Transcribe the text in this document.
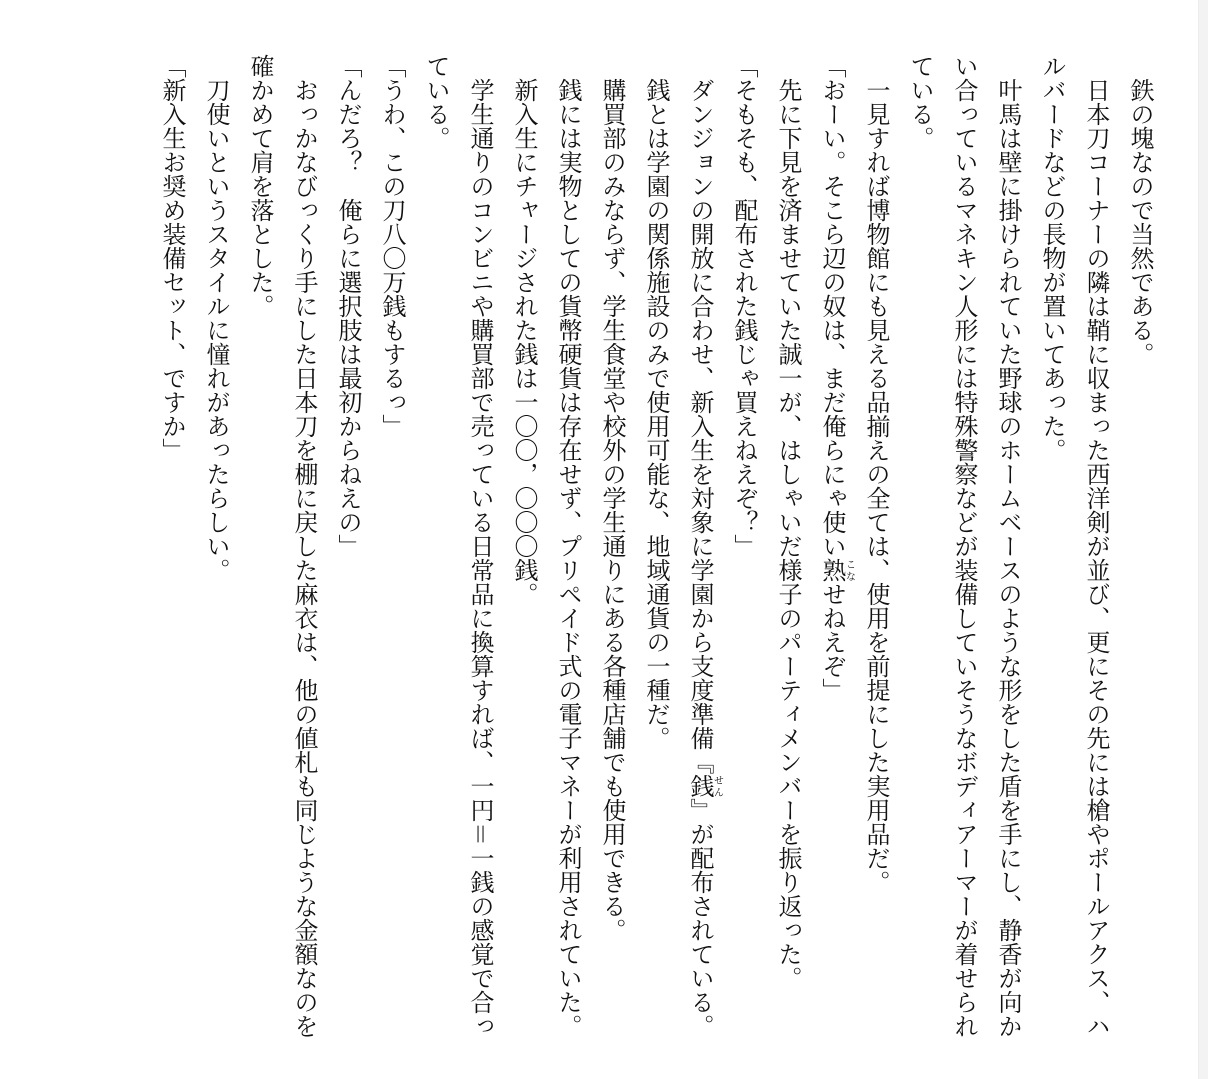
鉄の塊なので当然である。

日本刀コーナーの隣は鞘に収まった西洋剣が並び、更にその先には槍やポールアクス、ハルバードなどの長物が置いてあった。

叶馬は壁に掛けられていた野球のホームベースのような形をした盾を手にし、静香が向かい合っているマネキン人形には特殊警察などが装備していそうなボディアーマーが着せられている。

一見すれば博物館にも見える品揃えの全ては、使用を前提にした実用品だ。

「おーい。そこら辺の奴は、まだ俺らにゃ使い熟こなせねえぞ」

先に下見を済ませていた誠一が、はしゃいだ様子のパーティメンバーを振り返った。

「そもそも、配布された銭じゃ買えねえぞ？」

ダンジョンの開放に合わせ、新入生を対象に学園から支度準備『銭せん』が配布されている。

銭とは学園の関係施設のみで使用可能な、地域通貨の一種だ。

購買部のみならず、学生食堂や校外の学生通りにある各種店舗でも使用できる。

銭には実物としての貨幣硬貨は存在せず、プリペイド式の電子マネーが利用されていた。

新入生にチャージされた銭は一〇〇，〇〇〇銭。

学生通りのコンビニや購買部で売っている日常品に換算すれば、一円＝一銭の感覚で合っている。

「うわ、この刀八〇万銭もするっ」

「んだろ？　俺らに選択肢は最初からねえの」

おっかなびっくり手にした日本刀を棚に戻した麻衣は、他の値札も同じような金額なのを確かめて肩を落とした。

刀使いというスタイルに憧れがあったらしい。

「新入生お奨め装備セット、ですか」
